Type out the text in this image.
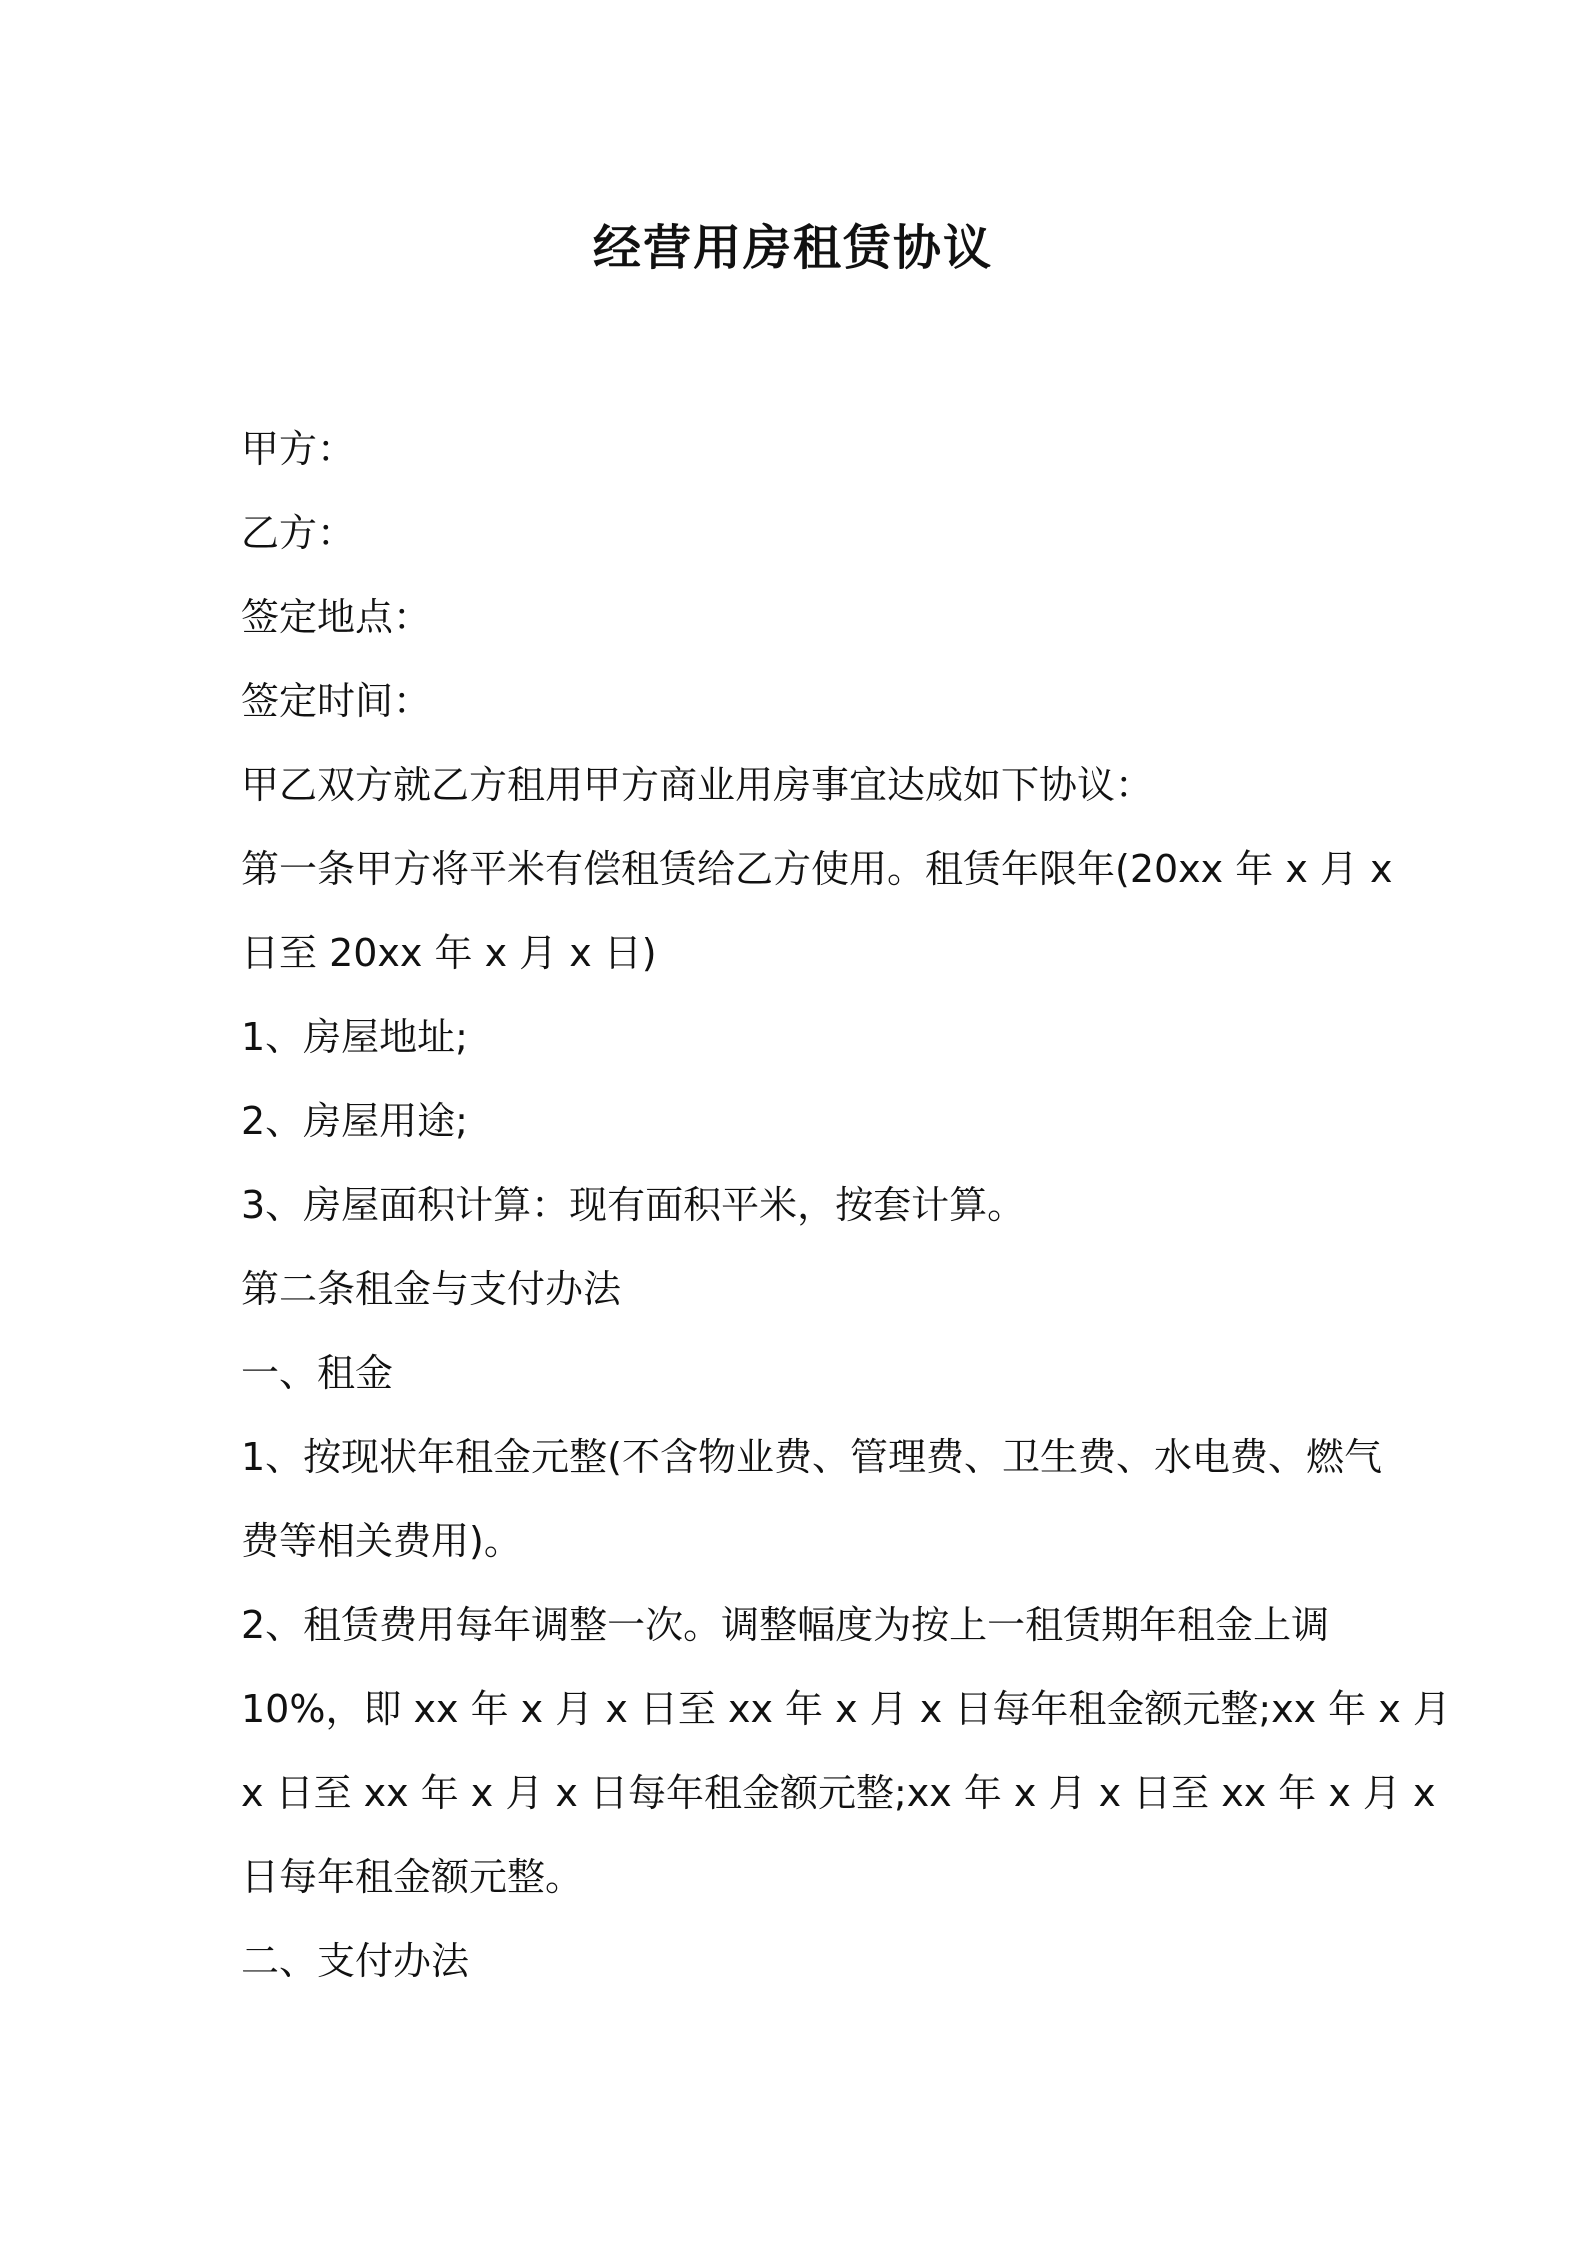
经营用房租赁协议

甲方：

乙方：

签定地点：

签定时间：

甲乙双方就乙方租用甲方商业用房事宜达成如下协议：

第一条甲方将平米有偿租赁给乙方使用。租赁年限年(20xx 年 x 月 x

日至 20xx 年 x 月 x 日)

1、房屋地址;

2、房屋用途;

3、房屋面积计算：现有面积平米，按套计算。

第二条租金与支付办法

一、租金

1、按现状年租金元整(不含物业费、管理费、卫生费、水电费、燃气

费等相关费用)。

2、租赁费用每年调整一次。调整幅度为按上一租赁期年租金上调

10%，即 xx 年 x 月 x 日至 xx 年 x 月 x 日每年租金额元整;xx 年 x 月

x 日至 xx 年 x 月 x 日每年租金额元整;xx 年 x 月 x 日至 xx 年 x 月 x

日每年租金额元整。

二、支付办法
